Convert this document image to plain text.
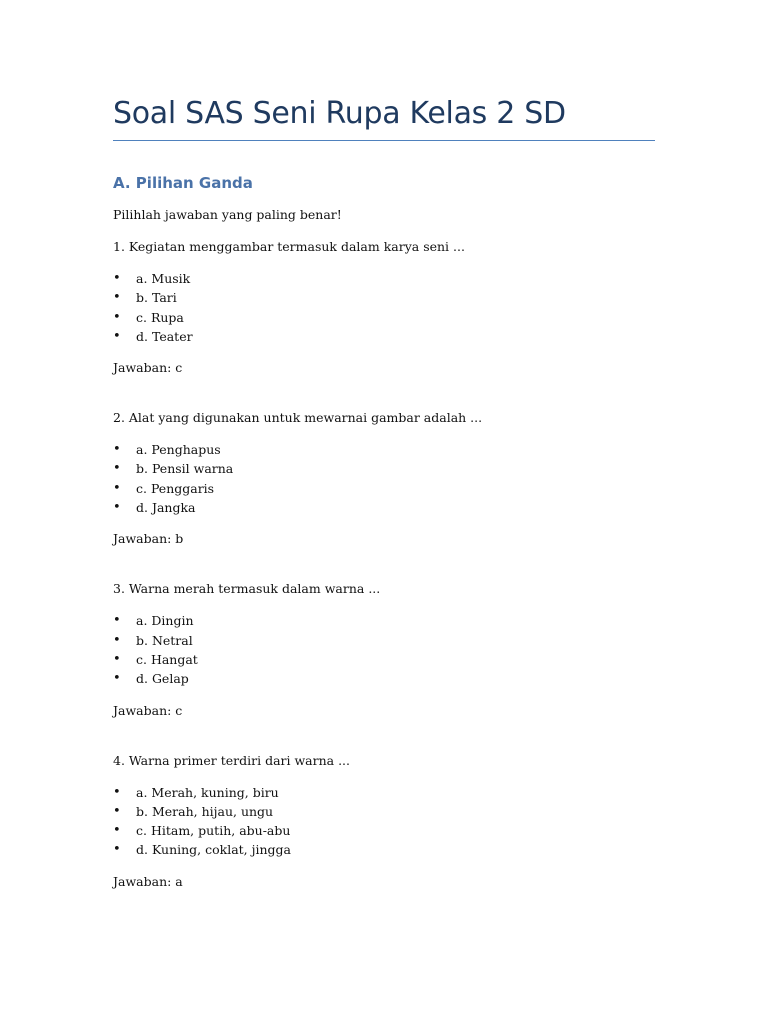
Soal SAS Seni Rupa Kelas 2 SD
A. Pilihan Ganda

Pilihlah jawaban yang paling benar!

1. Kegiatan menggambar termasuk dalam karya seni ...

• a. Musik
• b. Tari
• c. Rupa
• d. Teater

Jawaban: c

2. Alat yang digunakan untuk mewarnai gambar adalah ...

• a. Penghapus
• b. Pensil warna
• c. Penggaris
• d. Jangka

Jawaban: b

3. Warna merah termasuk dalam warna ...

• a. Dingin
• b. Netral
• c. Hangat
• d. Gelap

Jawaban: c

4. Warna primer terdiri dari warna ...

• a. Merah, kuning, biru
• b. Merah, hijau, ungu
• c. Hitam, putih, abu-abu
• d. Kuning, coklat, jingga

Jawaban: a
